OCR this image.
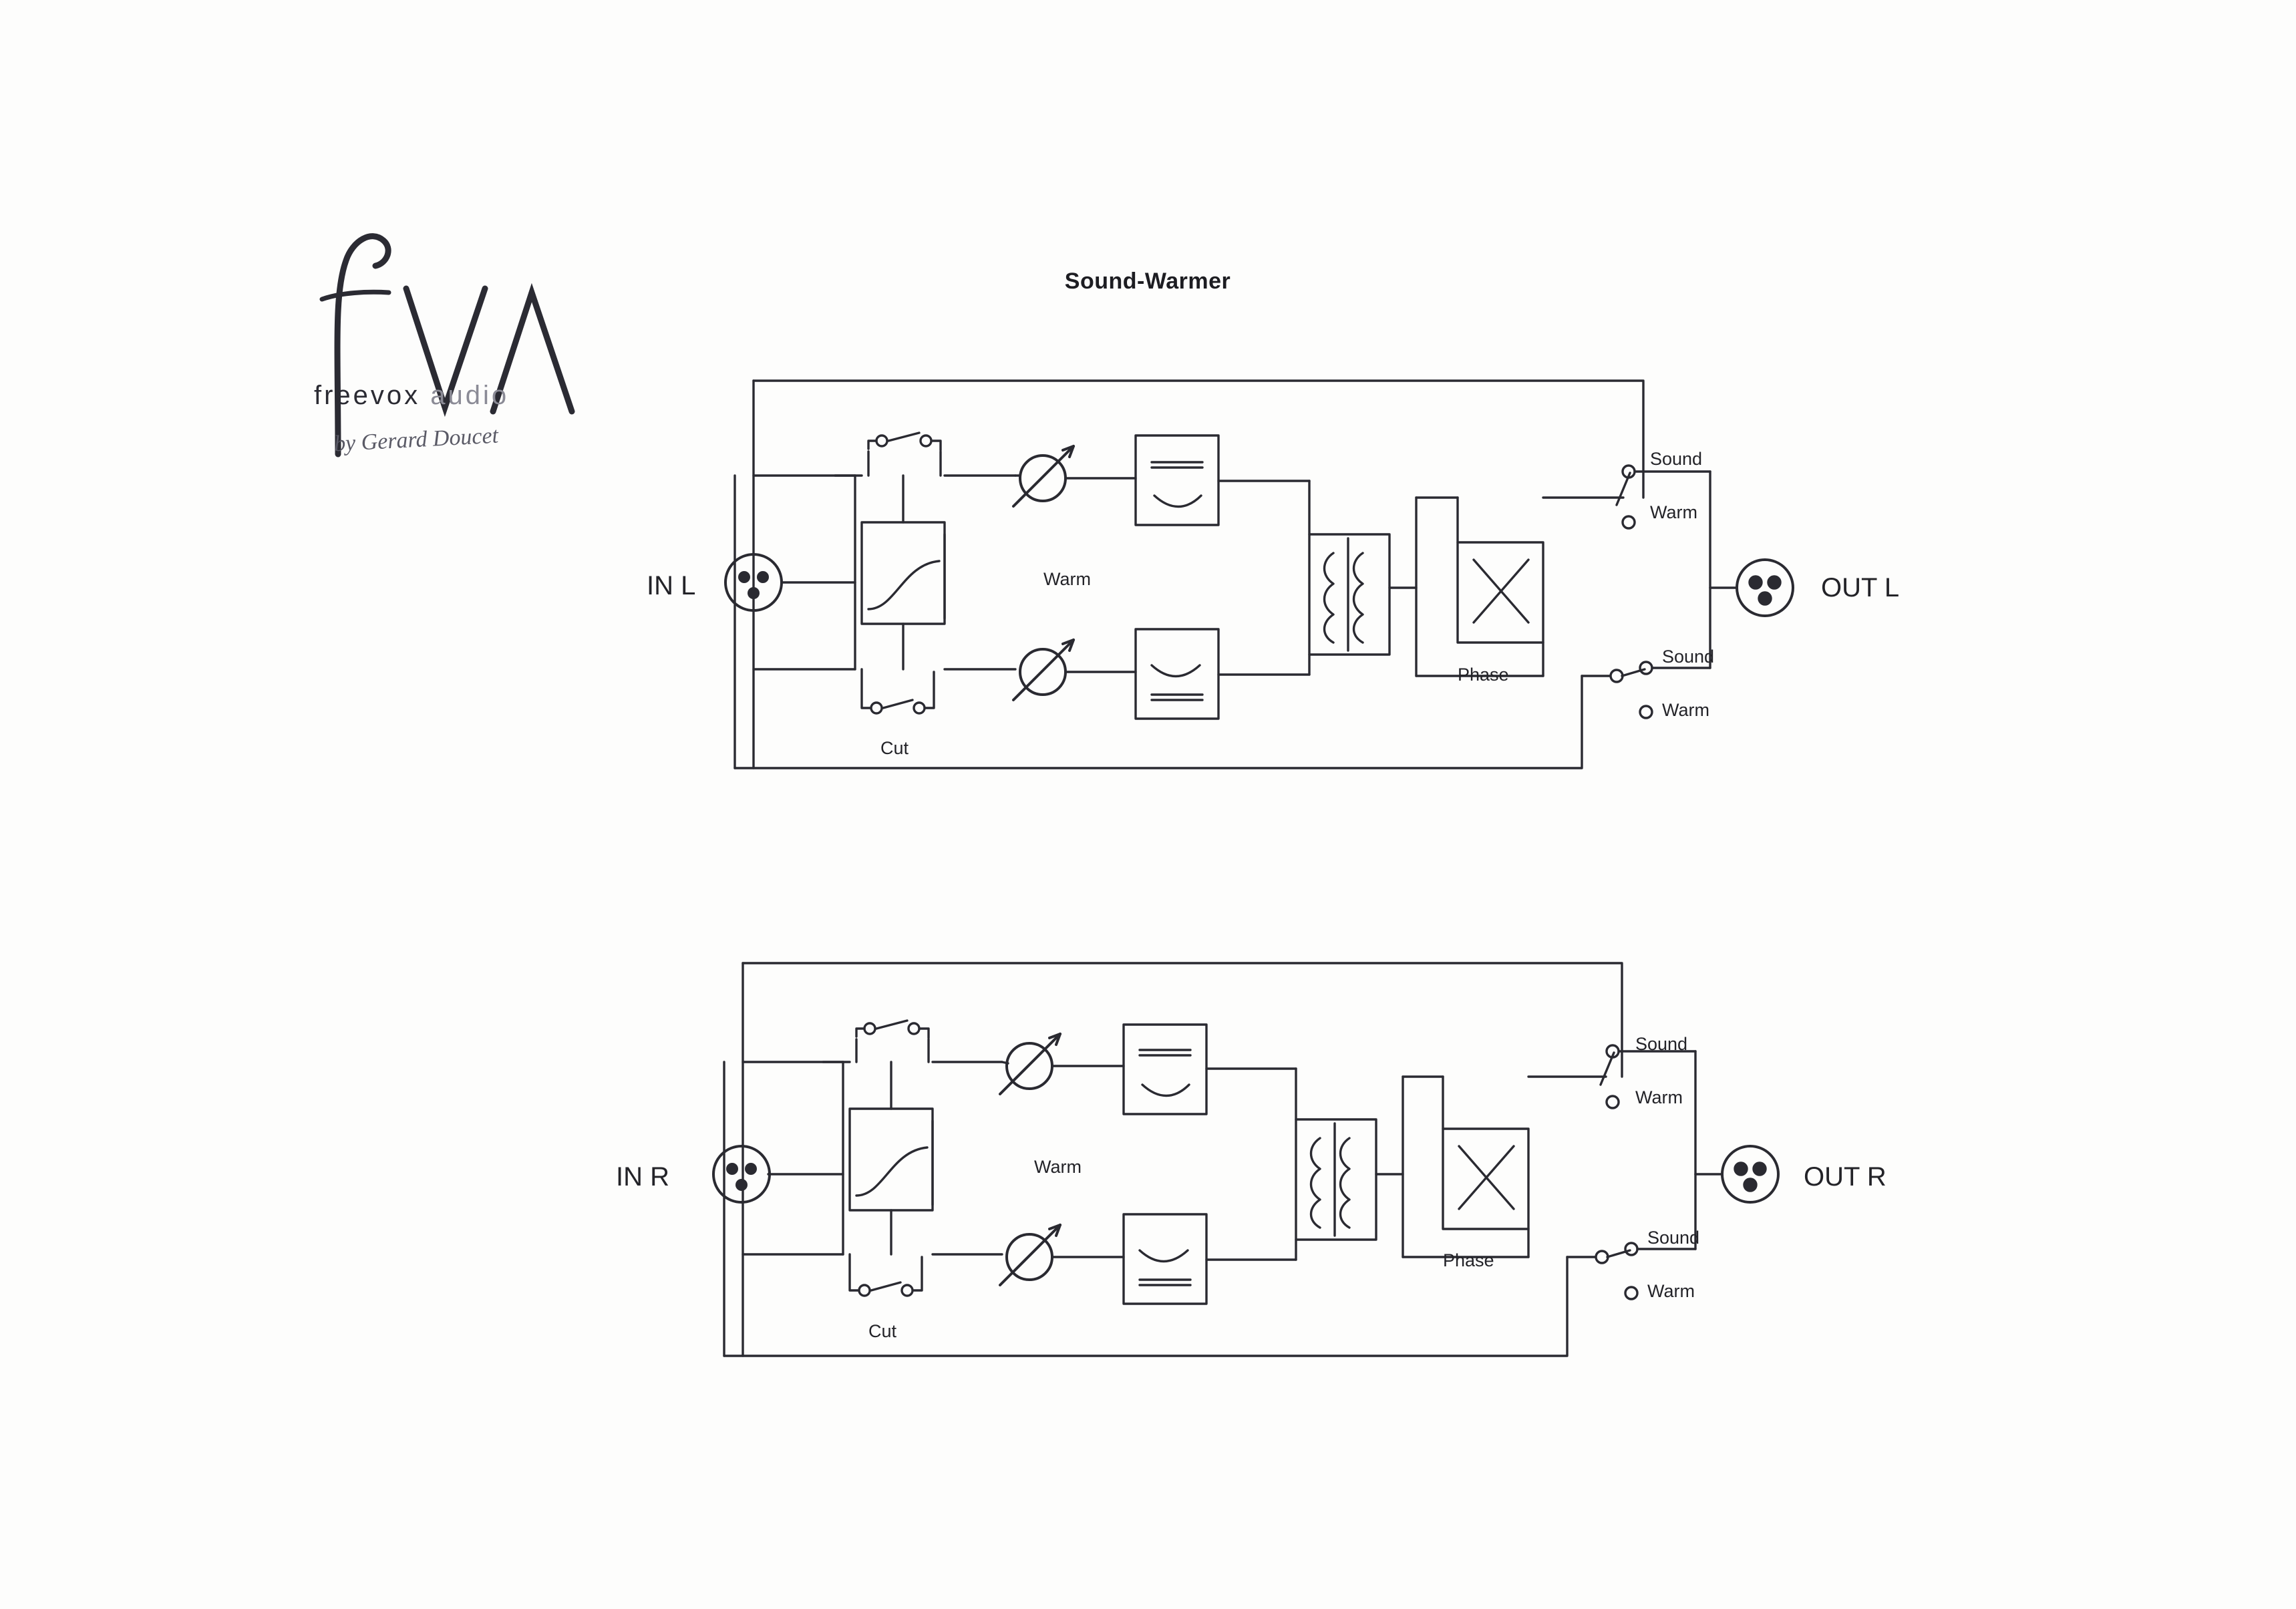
freevox audio
by Gerard Doucet
Sound-Warmer
IN L	OUT L
Cut
Warm
Phase
Sound
Warm
Sound
Warm
IN R	OUT R
Cut
Warm
Phase
Sound
Warm
Sound
Warm
